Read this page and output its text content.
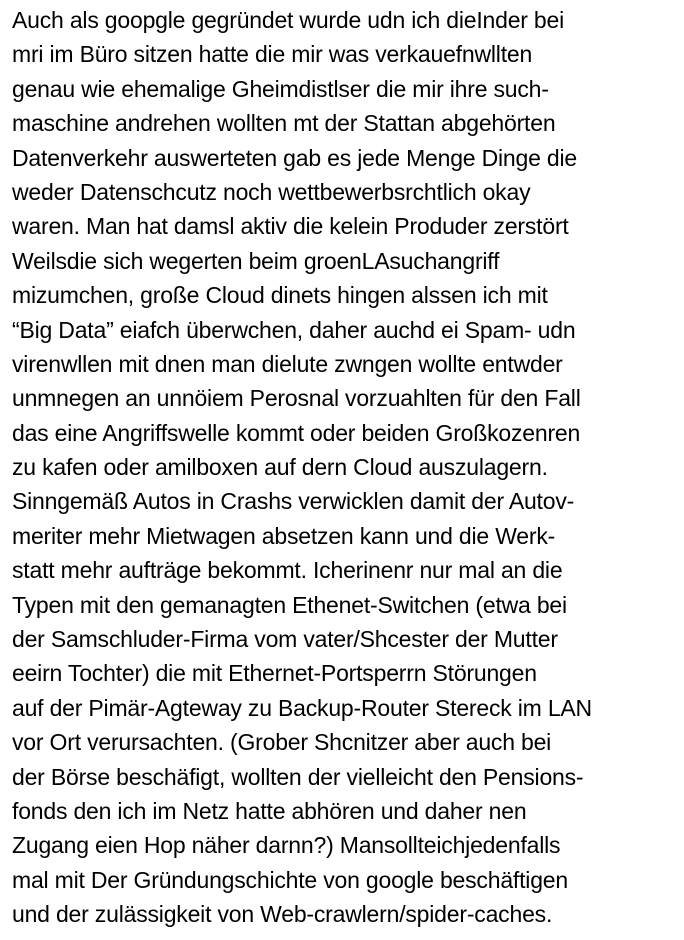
Auch als goopgle gegründet wurde udn ich dieInder bei
mri im Büro sitzen hatte die mir was verkauefnwllten
genau wie ehemalige Gheimdistlser die mir ihre such-
maschine andrehen wollten mt der Stattan abgehörten
Datenverkehr auswerteten gab es jede Menge Dinge die
weder Datenschcutz noch wettbewerbsrchtlich okay
waren. Man hat damsl aktiv die kelein Produder zerstört
Weilsdie sich wegerten beim groenLAsuchangriff
mizumchen, große Cloud dinets hingen alssen ich mit
“Big Data” eiafch überwchen, daher auchd ei Spam- udn
virenwllen mit dnen man dielute zwngen wollte entwder
unmnegen an unnöiem Perosnal vorzuahlten für den Fall
das eine Angriffswelle kommt oder beiden Großkozenren
zu kafen oder amilboxen auf dern Cloud auszulagern.
Sinngemäß Autos in Crashs verwicklen damit der Autov-
meriter mehr Mietwagen absetzen kann und die Werk-
statt mehr aufträge bekommt. Icherinenr nur mal an die
Typen mit den gemanagten Ethenet-Switchen (etwa bei
der Samschluder-Firma vom vater/Shcester der Mutter
eeirn Tochter) die mit Ethernet-Portsperrn Störungen
auf der Pimär-Agteway zu Backup-Router Stereck im LAN
vor Ort verursachten. (Grober Shcnitzer aber auch bei
der Börse beschäfigt, wollten der vielleicht den Pensions-
fonds den ich im Netz hatte abhören und daher nen
Zugang eien Hop näher darnn?) Mansollteichjedenfalls
mal mit Der Gründungschichte von google beschäftigen
und der zulässigkeit von Web-crawlern/spider-caches.
